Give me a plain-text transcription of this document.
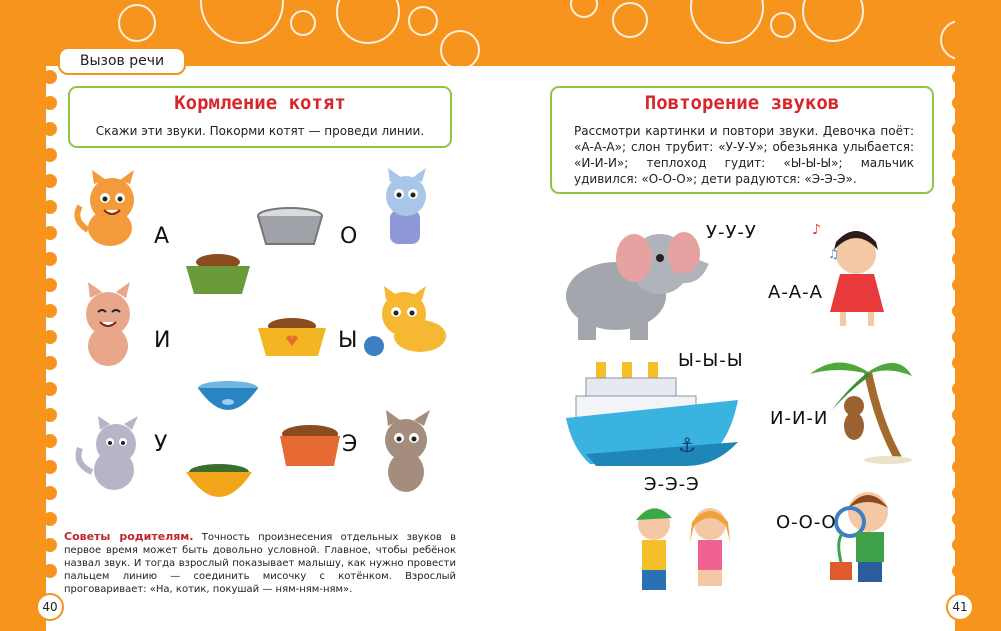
Вызов речи
Кормление котят

Скажи эти звуки. Покорми котят — проведи линии.

А
И
У
О
Ы
Э
Советы родителям. Точность произнесения отдельных звуков в первое время может быть довольно условной. Главное, чтобы ребёнок назвал звук. И тогда взрослый показывает малышу, как нужно провести пальцем линию — соединить мисочку с котёнком. Взрослый проговаривает: «На, котик, покушай — ням-ням-ням».
40
Повторение звуков

Рассмотри картинки и повтори звуки. Девочка поёт: «А-А-А»; слон трубит: «У-У-У»; обезьянка улыбается: «И-И-И»; теплоход гудит: «Ы-Ы-Ы»; мальчик удивился: «О-О-О»; дети радуются: «Э-Э-Э».

У-У-У	♪
♫
А-А-А
⚓
Ы-Ы-Ы
И-И-И
Э-Э-Э
О-О-О
41
